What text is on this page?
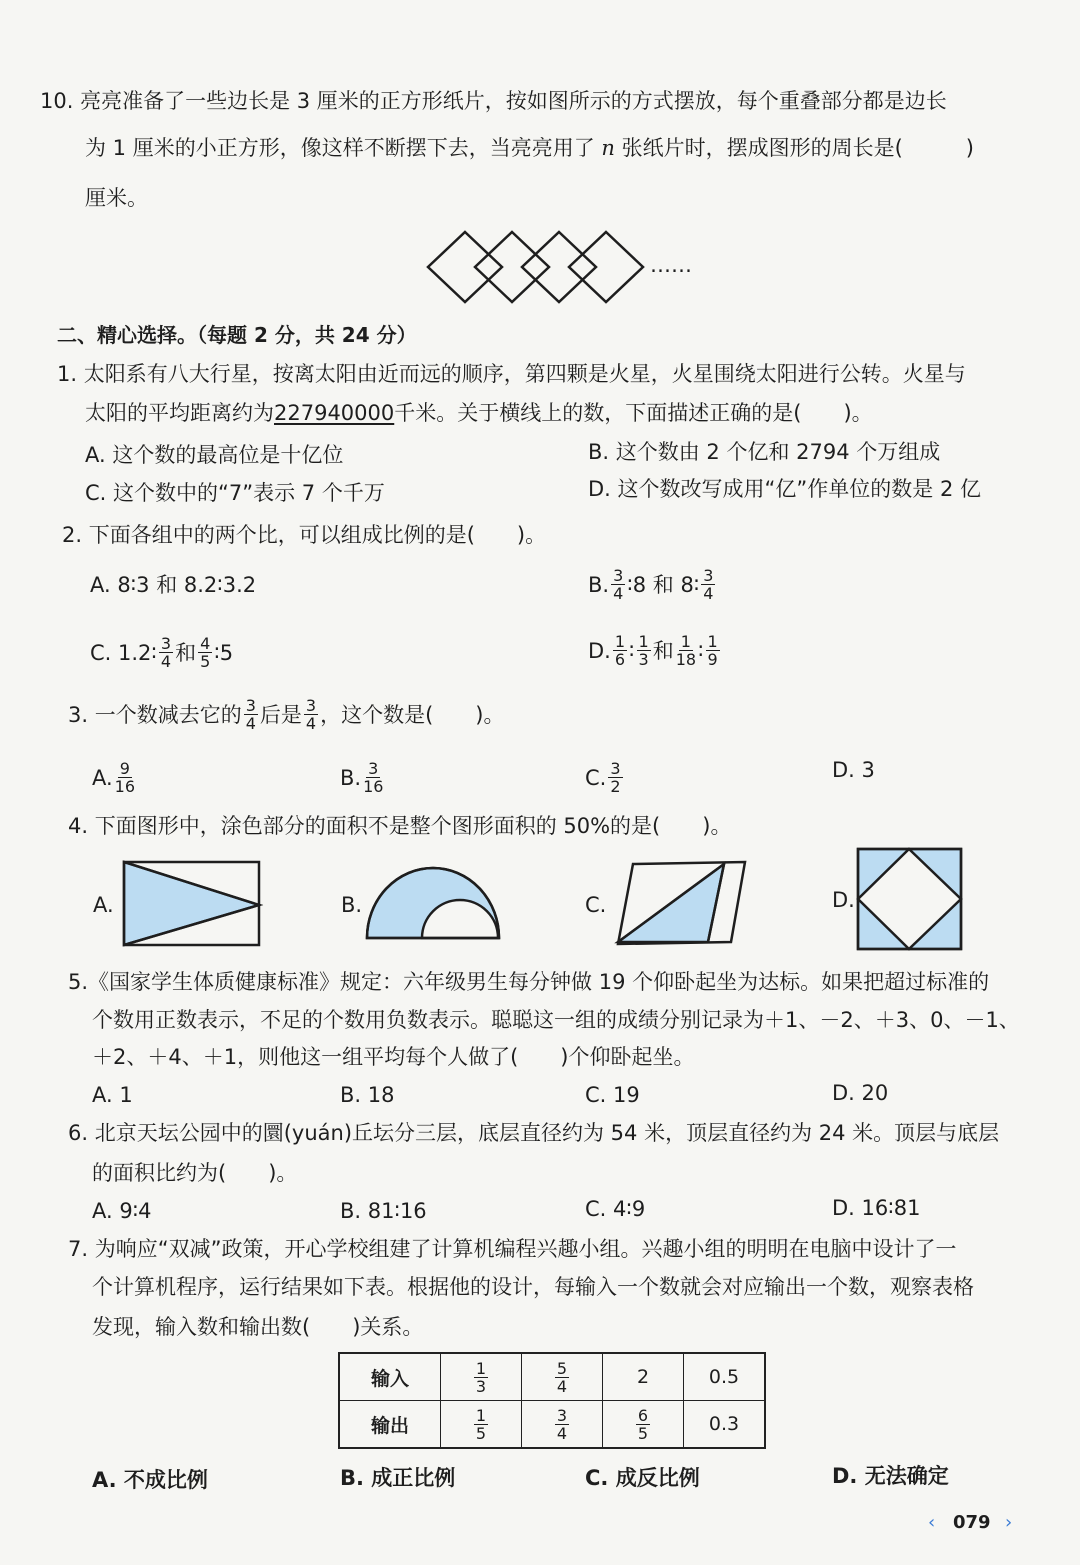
10. 亮亮准备了一些边长是 3 厘米的正方形纸片，按如图所示的方式摆放，每个重叠部分都是边长
为 1 厘米的小正方形，像这样不断摆下去，当亮亮用了 n 张纸片时，摆成图形的周长是(　　　)
厘米。
……
二、精心选择。（每题 2 分，共 24 分）
1. 太阳系有八大行星，按离太阳由近而远的顺序，第四颗是火星，火星围绕太阳进行公转。火星与
太阳的平均距离约为 227940000 千米。关于横线上的数，下面描述正确的是(　　)。
A. 这个数的最高位是十亿位	B. 这个数由 2 个亿和 2794 个万组成
C. 这个数中的“7”表示 7 个千万	D. 这个数改写成用“亿”作单位的数是 2 亿
2. 下面各组中的两个比，可以组成比例的是(　　)。
A. 8∶3 和 8.2∶3.2	B. $\frac{3}{4}$ ∶8 和 8∶ $\frac{3}{4}$
C. 1.2∶ $\frac{3}{4}$ 和 $\frac{4}{5}$ ∶5	D. $\frac{1}{6}$ ∶ $\frac{1}{3}$ 和 $\frac{1}{18}$ ∶ $\frac{1}{9}$
3. 一个数减去它的 $\frac{3}{4}$ 后是 $\frac{3}{4}$ ，这个数是(　　)。
A. $\frac{9}{16}$	B. $\frac{3}{16}$	C. $\frac{3}{2}$	D. 3
4. 下面图形中，涂色部分的面积不是整个图形面积的 50%的是(　　)。
A.	B.	C.	D.
5.《国家学生体质健康标准》规定：六年级男生每分钟做 19 个仰卧起坐为达标。如果把超过标准的
个数用正数表示，不足的个数用负数表示。聪聪这一组的成绩分别记录为＋1、－2、＋3、0、－1、
＋2、＋4、＋1，则他这一组平均每个人做了(　　)个仰卧起坐。
A. 1	B. 18	C. 19	D. 20
6. 北京天坛公园中的圜(yuán)丘坛分三层，底层直径约为 54 米，顶层直径约为 24 米。顶层与底层
的面积比约为(　　)。
A. 9∶4	B. 81∶16	C. 4∶9	D. 16∶81
7. 为响应“双减”政策，开心学校组建了计算机编程兴趣小组。兴趣小组的明明在电脑中设计了一
个计算机程序，运行结果如下表。根据他的设计，每输入一个数就会对应输出一个数，观察表格
发现，输入数和输出数(　　)关系。
输入	$\frac{1}{3}$	$\frac{5}{4}$	2	0.5
输出	$\frac{1}{5}$	$\frac{3}{4}$	$\frac{6}{5}$	0.3
A. 不成比例	B. 成正比例	C. 成反比例	D. 无法确定
‹ 079 ›
